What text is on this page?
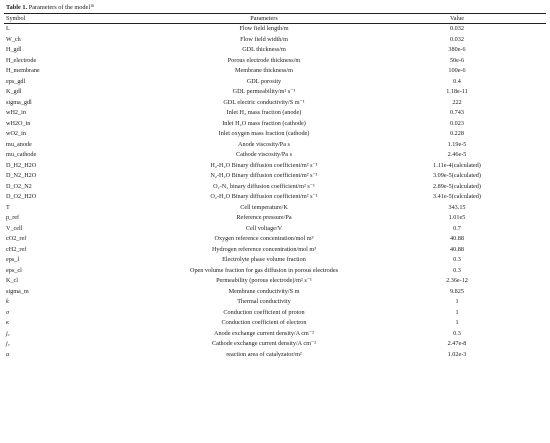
Table 1. Parameters of the model$^{16}$
Symbol	Parameters	Value
L	Flow field length/m	0.032
W_ch	Flow field width/m	0.032
H_gdl	GDL thickness/m	380e-6
H_electrode	Porous electrode thickness/m	50e-6
H_membrane	Membrane thickness/m	100e-6
eps_gdl	GDL porosity	0.4
K_gdl	GDL permeability/m² s⁻¹	1.18e-11
sigma_gdl	GDL electric conductivity/S m⁻¹	222
wH2_in	Inlet H₂ mass fraction (anode)	0.743
wH2O_in	Inlet H₂O mass fraction (cathode)	0.023
wO2_in	Inlet oxygen mass fraction (cathode)	0.228
mu_anode	Anode viscosity/Pa s	1.19e-5
mu_cathode	Cathode viscosity/Pa s	2.46e-5
D_H2_H2O	H₂-H₂O Binary diffusion coefficient/m² s⁻¹	1.11e-4(calculated)
D_N2_H2O	N₂-H₂O Binary diffusion coefficient/m² s⁻¹	3.09e-5(calculated)
D_O2_N2	O₂-N₂ binary diffusion coefficient/m² s⁻¹	2.89e-5(calculated)
D_O2_H2O	O₂-H₂O Binary diffusion coefficient/m² s⁻¹	3.41e-5(calculated)
T	Cell temperature/K	343.15
p_ref	Reference pressure/Pa	1.01e5
V_cell	Cell voltage/V	0.7
cO2_ref	Oxygen reference concentration/mol m³	40.88
cH2_ref	Hydrogen reference concentration/mol m³	40.88
eps_l	Electrolyte phase volume fraction	0.3
eps_cl	Open volume fraction for gas diffusion in porous electrodes	0.3
K_cl	Permeability (porous electrode)/m² s⁻¹	2.36e-12
sigma_m	Membrane conductivity/S m	9.825
k	Thermal conductivity	1
σ	Conduction coefficient of proton	1
κ	Conduction coefficient of electron	1
jₐ	Anode exchange current density/A cm⁻²	0.3
j꜀	Cathode exchange current density/A cm⁻²	2.47e-8
a	reaction area of catalyzator/m²	1.02e-3
